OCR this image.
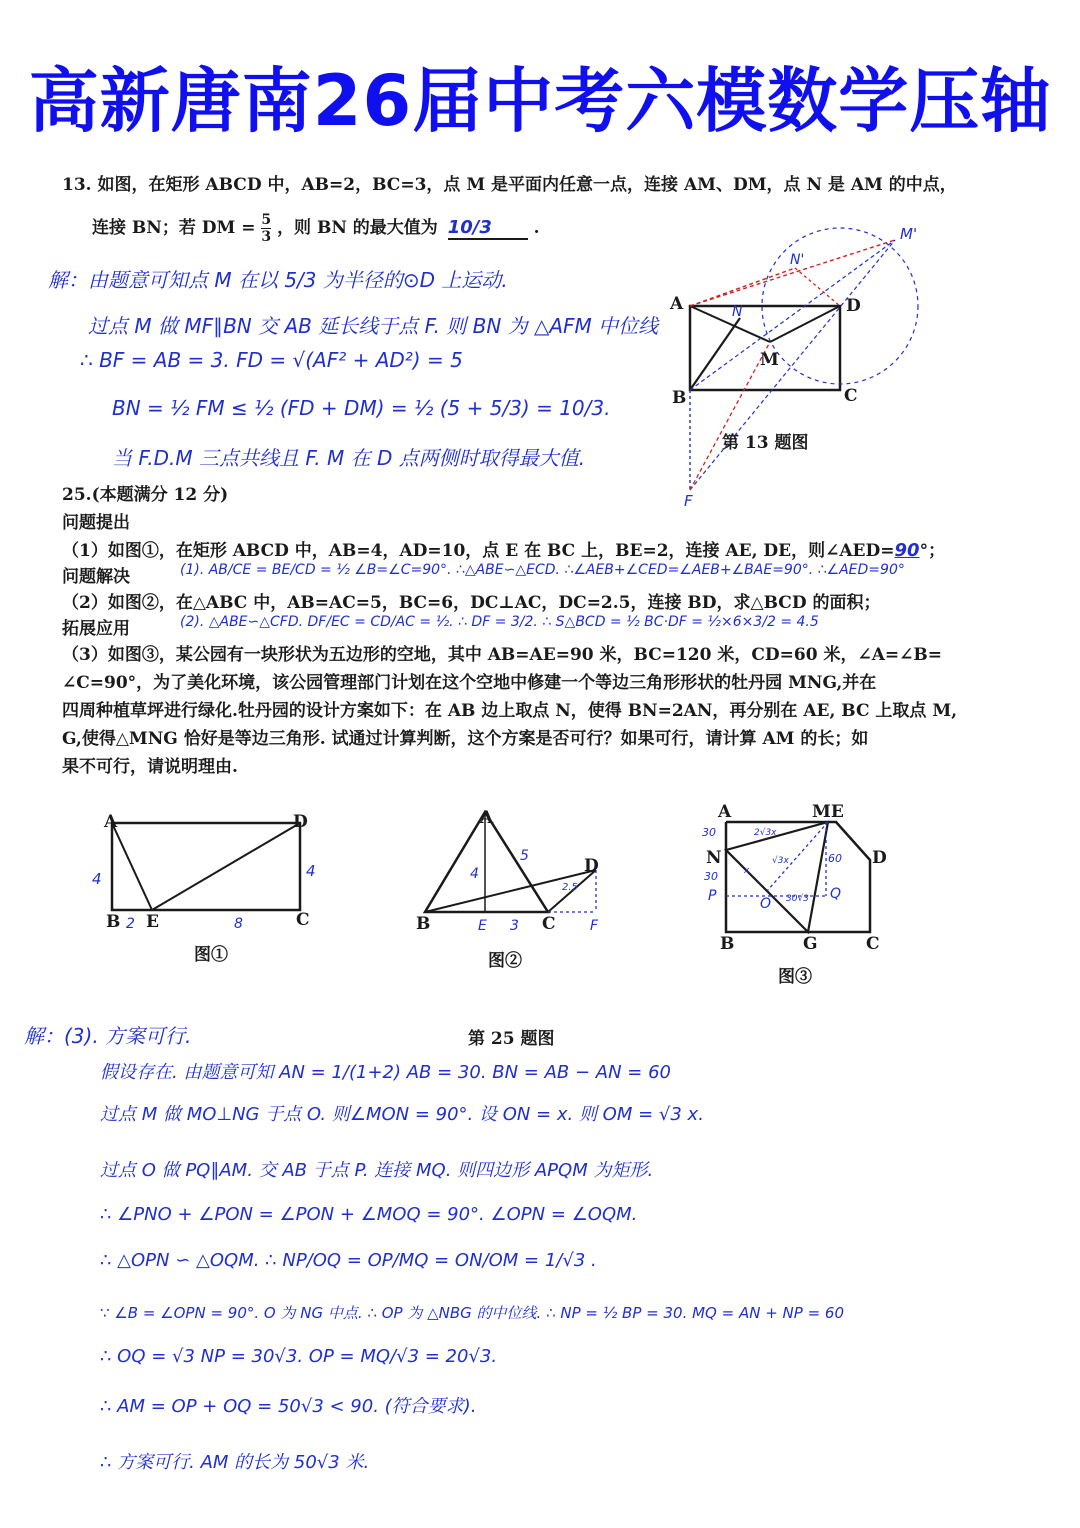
高新唐南26届中考六模数学压轴
13. 如图，在矩形 ABCD 中，AB=2，BC=3，点 M 是平面内任意一点，连接 AM、DM，点 N 是 AM 的中点，
连接 BN；若 DM = $\frac{5}{3}$ ，则 BN 的最大值为 10/3 .
A
B	C
D
M
N
N'
M'
F
第 13 题图
解：由题意可知点 M 在以 5/3 为半径的⊙D 上运动.
过点 M 做 MF∥BN 交 AB 延长线于点 F. 则 BN 为 △AFM 中位线
∴ BF = AB = 3. FD = √(AF² + AD²) = 5
BN = ½ FM ≤ ½ (FD + DM) = ½ (5 + 5/3) = 10/3.
当 F.D.M 三点共线且 F. M 在 D 点两侧时取得最大值.
25.(本题满分 12 分)
问题提出
（1）如图①，在矩形 ABCD 中，AB=4，AD=10，点 E 在 BC 上，BE=2，连接 AE, DE，则∠AED=90°；
问题解决	(1). AB/CE = BE/CD = ½ ∠B=∠C=90°. ∴△ABE∽△ECD. ∴∠AEB+∠CED=∠AEB+∠BAE=90°. ∴∠AED=90°
（2）如图②，在△ABC 中，AB=AC=5，BC=6，DC⊥AC，DC=2.5，连接 BD，求△BCD 的面积；
拓展应用	(2). △ABE∽△CFD. DF/EC = CD/AC = ½. ∴ DF = 3/2. ∴ S△BCD = ½ BC·DF = ½×6×3/2 = 4.5
（3）如图③，某公园有一块形状为五边形的空地，其中 AB=AE=90 米，BC=120 米，CD=60 米，∠A=∠B=
∠C=90°，为了美化环境，该公园管理部门计划在这个空地中修建一个等边三角形形状的牡丹园 MNG,并在
四周种植草坪进行绿化.牡丹园的设计方案如下：在 AB 边上取点 N，使得 BN=2AN，再分别在 AE, BC 上取点 M,
G,使得△MNG 恰好是等边三角形. 试通过计算判断，这个方案是否可行？如果可行，请计算 AM 的长；如
果不可行，请说明理由.
A
B E	C
D
4	4
2	8
图①
A
B	C
D
E	F
4
5
3
2.5
图②
A	ME
N	D
B	G	C
P	O
Q
30
30
60
2√3x
√3x
x
30√3
图③
第 25 题图
解：(3). 方案可行.
假设存在. 由题意可知 AN = 1/(1+2) AB = 30. BN = AB − AN = 60
过点 M 做 MO⊥NG 于点 O. 则∠MON = 90°. 设 ON = x. 则 OM = √3 x.
过点 O 做 PQ∥AM. 交 AB 于点 P. 连接 MQ. 则四边形 APQM 为矩形.
∴ ∠PNO + ∠PON = ∠PON + ∠MOQ = 90°. ∠OPN = ∠OQM.
∴ △OPN ∽ △OQM. ∴ NP/OQ = OP/MQ = ON/OM = 1/√3 .
∵ ∠B = ∠OPN = 90°. O 为 NG 中点. ∴ OP 为 △NBG 的中位线. ∴ NP = ½ BP = 30. MQ = AN + NP = 60
∴ OQ = √3 NP = 30√3. OP = MQ/√3 = 20√3.
∴ AM = OP + OQ = 50√3 < 90. (符合要求).
∴ 方案可行. AM 的长为 50√3 米.
